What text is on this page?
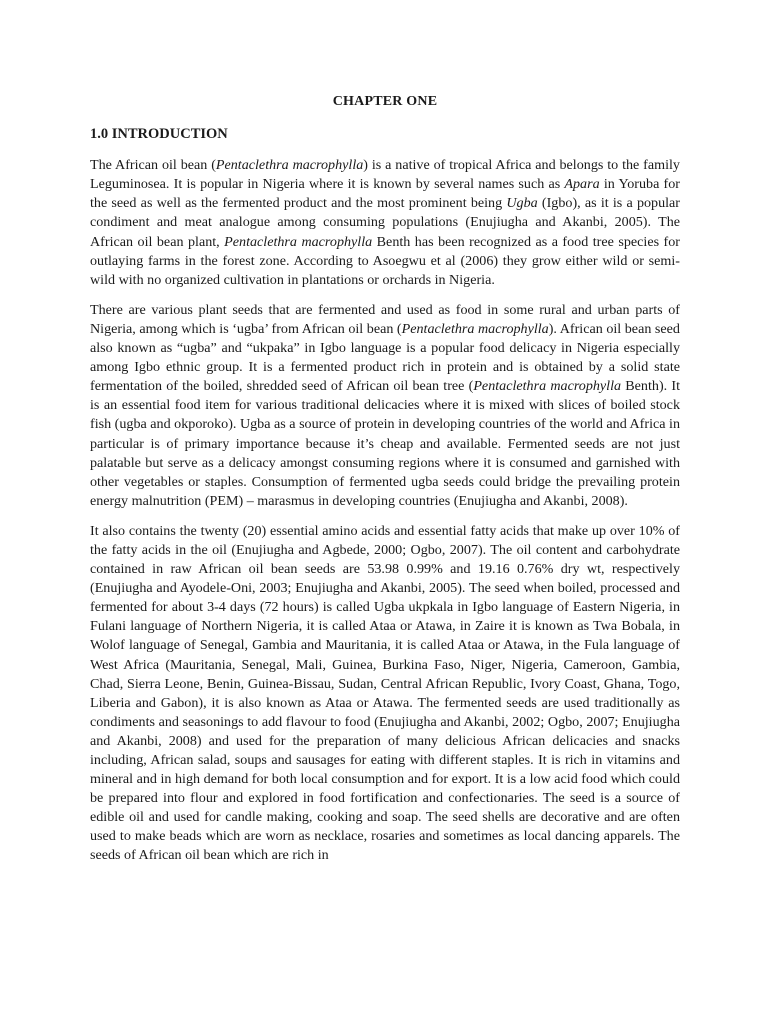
CHAPTER ONE
1.0 INTRODUCTION

The African oil bean (Pentaclethra macrophylla) is a native of tropical Africa and belongs to the family Leguminosea. It is popular in Nigeria where it is known by several names such as Apara in Yoruba for the seed as well as the fermented product and the most prominent being Ugba (Igbo), as it is a popular condiment and meat analogue among consuming populations (Enujiugha and Akanbi, 2005). The African oil bean plant, Pentaclethra macrophylla Benth has been recognized as a food tree species for outlaying farms in the forest zone. According to Asoegwu et al (2006) they grow either wild or semi-wild with no organized cultivation in plantations or orchards in Nigeria.

There are various plant seeds that are fermented and used as food in some rural and urban parts of Nigeria, among which is ‘ugba’ from African oil bean (Pentaclethra macrophylla). African oil bean seed also known as “ugba” and “ukpaka” in Igbo language is a popular food delicacy in Nigeria especially among Igbo ethnic group. It is a fermented product rich in protein and is obtained by a solid state fermentation of the boiled, shredded seed of African oil bean tree (Pentaclethra macrophylla Benth). It is an essential food item for various traditional delicacies where it is mixed with slices of boiled stock fish (ugba and okporoko). Ugba as a source of protein in developing countries of the world and Africa in particular is of primary importance because it’s cheap and available. Fermented seeds are not just palatable but serve as a delicacy amongst consuming regions where it is consumed and garnished with other vegetables or staples. Consumption of fermented ugba seeds could bridge the prevailing protein energy malnutrition (PEM) – marasmus in developing countries (Enujiugha and Akanbi, 2008).

It also contains the twenty (20) essential amino acids and essential fatty acids that make up over 10% of the fatty acids in the oil (Enujiugha and Agbede, 2000; Ogbo, 2007). The oil content and carbohydrate contained in raw African oil bean seeds are 53.98 0.99% and 19.16 0.76% dry wt, respectively (Enujiugha and Ayodele-Oni, 2003; Enujiugha and Akanbi, 2005). The seed when boiled, processed and fermented for about 3-4 days (72 hours) is called Ugba ukpkala in Igbo language of Eastern Nigeria, in Fulani language of Northern Nigeria, it is called Ataa or Atawa, in Zaire it is known as Twa Bobala, in Wolof language of Senegal, Gambia and Mauritania, it is called Ataa or Atawa, in the Fula language of West Africa (Mauritania, Senegal, Mali, Guinea, Burkina Faso, Niger, Nigeria, Cameroon, Gambia, Chad, Sierra Leone, Benin, Guinea-Bissau, Sudan, Central African Republic, Ivory Coast, Ghana, Togo, Liberia and Gabon), it is also known as Ataa or Atawa. The fermented seeds are used traditionally as condiments and seasonings to add flavour to food (Enujiugha and Akanbi, 2002; Ogbo, 2007; Enujiugha and Akanbi, 2008) and used for the preparation of many delicious African delicacies and snacks including, African salad, soups and sausages for eating with different staples. It is rich in vitamins and mineral and in high demand for both local consumption and for export. It is a low acid food which could be prepared into flour and explored in food fortification and confectionaries. The seed is a source of edible oil and used for candle making, cooking and soap. The seed shells are decorative and are often used to make beads which are worn as necklace, rosaries and sometimes as local dancing apparels. The seeds of African oil bean which are rich in
